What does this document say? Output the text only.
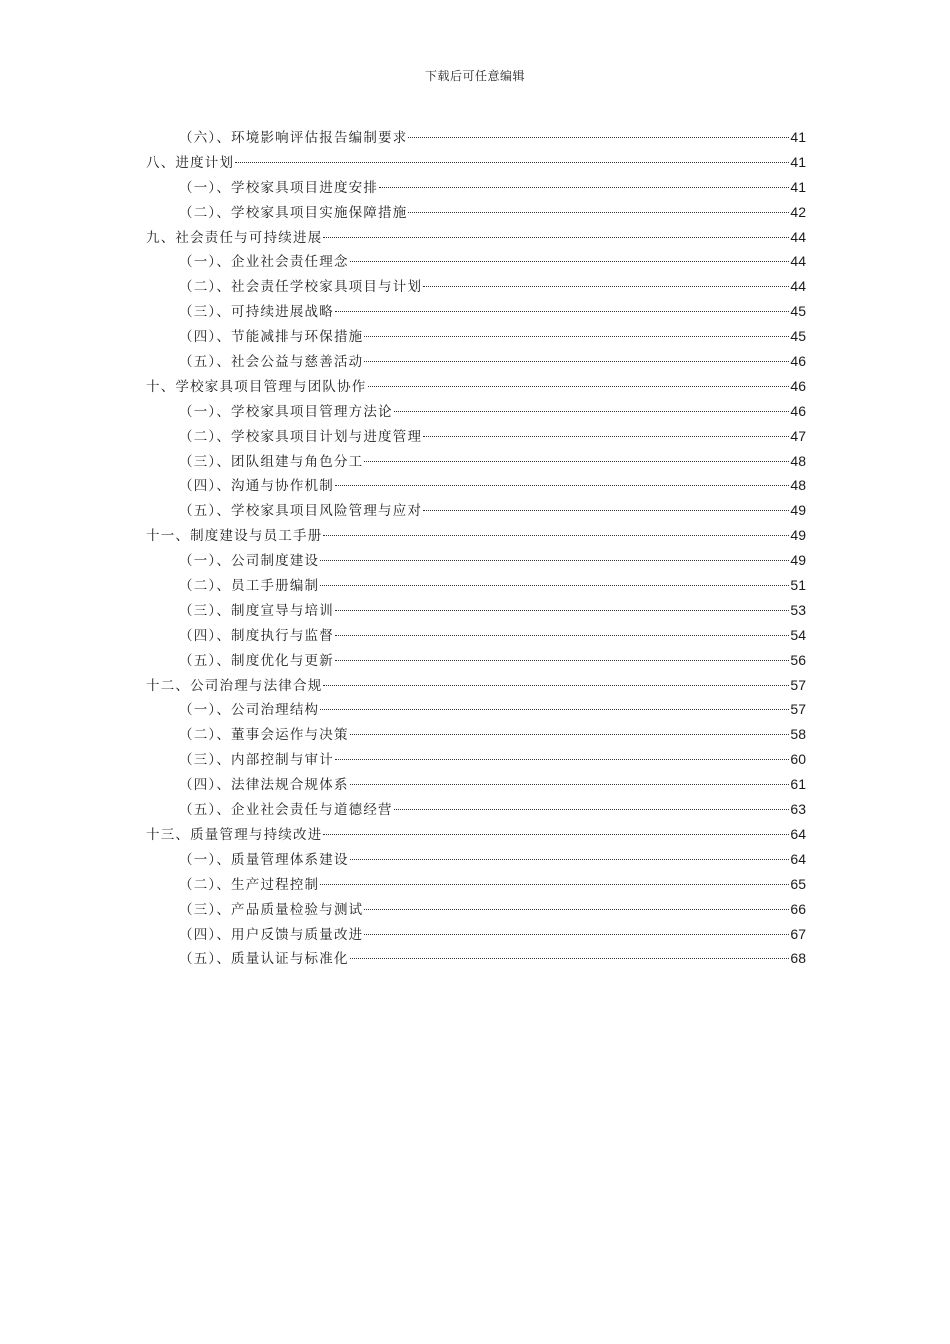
下载后可任意编辑
（六）、环境影响评估报告编制要求	41
八、进度计划	41
（一）、学校家具项目进度安排	41
（二）、学校家具项目实施保障措施	42
九、社会责任与可持续进展	44
（一）、企业社会责任理念	44
（二）、社会责任学校家具项目与计划	44
（三）、可持续进展战略	45
（四）、节能减排与环保措施	45
（五）、社会公益与慈善活动	46
十、学校家具项目管理与团队协作	46
（一）、学校家具项目管理方法论	46
（二）、学校家具项目计划与进度管理	47
（三）、团队组建与角色分工	48
（四）、沟通与协作机制	48
（五）、学校家具项目风险管理与应对	49
十一、制度建设与员工手册	49
（一）、公司制度建设	49
（二）、员工手册编制	51
（三）、制度宣导与培训	53
（四）、制度执行与监督	54
（五）、制度优化与更新	56
十二、公司治理与法律合规	57
（一）、公司治理结构	57
（二）、董事会运作与决策	58
（三）、内部控制与审计	60
（四）、法律法规合规体系	61
（五）、企业社会责任与道德经营	63
十三、质量管理与持续改进	64
（一）、质量管理体系建设	64
（二）、生产过程控制	65
（三）、产品质量检验与测试	66
（四）、用户反馈与质量改进	67
（五）、质量认证与标准化	68
